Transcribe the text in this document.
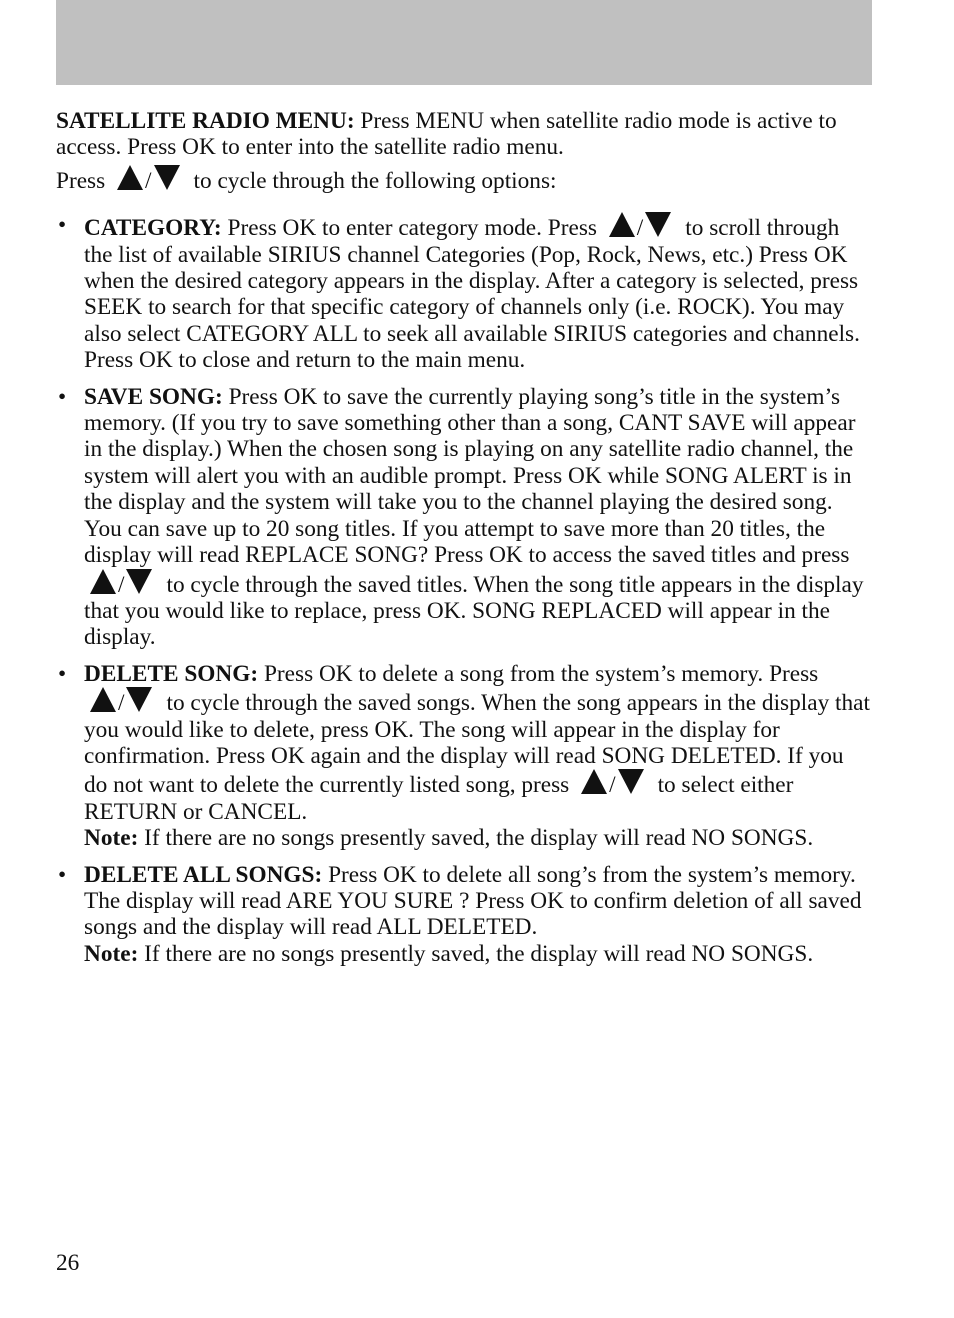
SATELLITE RADIO MENU: Press MENU when satellite radio mode is active to access. Press OK to enter into the satellite radio menu.

Press / to cycle through the following options:

• CATEGORY: Press OK to enter category mode. Press / to scroll through the list of available SIRIUS channel Categories (Pop, Rock, News, etc.) Press OK when the desired category appears in the display. After a category is selected, press SEEK to search for that specific category of channels only (i.e. ROCK). You may also select CATEGORY ALL to seek all available SIRIUS categories and channels. Press OK to close and return to the main menu.
• SAVE SONG: Press OK to save the currently playing song’s title in the system’s memory. (If you try to save something other than a song, CANT SAVE will appear in the display.) When the chosen song is playing on any satellite radio channel, the system will alert you with an audible prompt. Press OK while SONG ALERT is in the display and the system will take you to the channel playing the desired song. You can save up to 20 song titles. If you attempt to save more than 20 titles, the display will read REPLACE SONG? Press OK to access the saved titles and press / to cycle through the saved titles. When the song title appears in the display that you would like to replace, press OK. SONG REPLACED will appear in the display.
• DELETE SONG: Press OK to delete a song from the system’s memory. Press / to cycle through the saved songs. When the song appears in the display that you would like to delete, press OK. The song will appear in the display for confirmation. Press OK again and the display will read SONG DELETED. If you do not want to delete the currently listed song, press / to select either RETURN or CANCEL.
Note: If there are no songs presently saved, the display will read NO SONGS.
• DELETE ALL SONGS: Press OK to delete all song’s from the system’s memory. The display will read ARE YOU SURE ? Press OK to confirm deletion of all saved songs and the display will read ALL DELETED.
Note: If there are no songs presently saved, the display will read NO SONGS.
26
